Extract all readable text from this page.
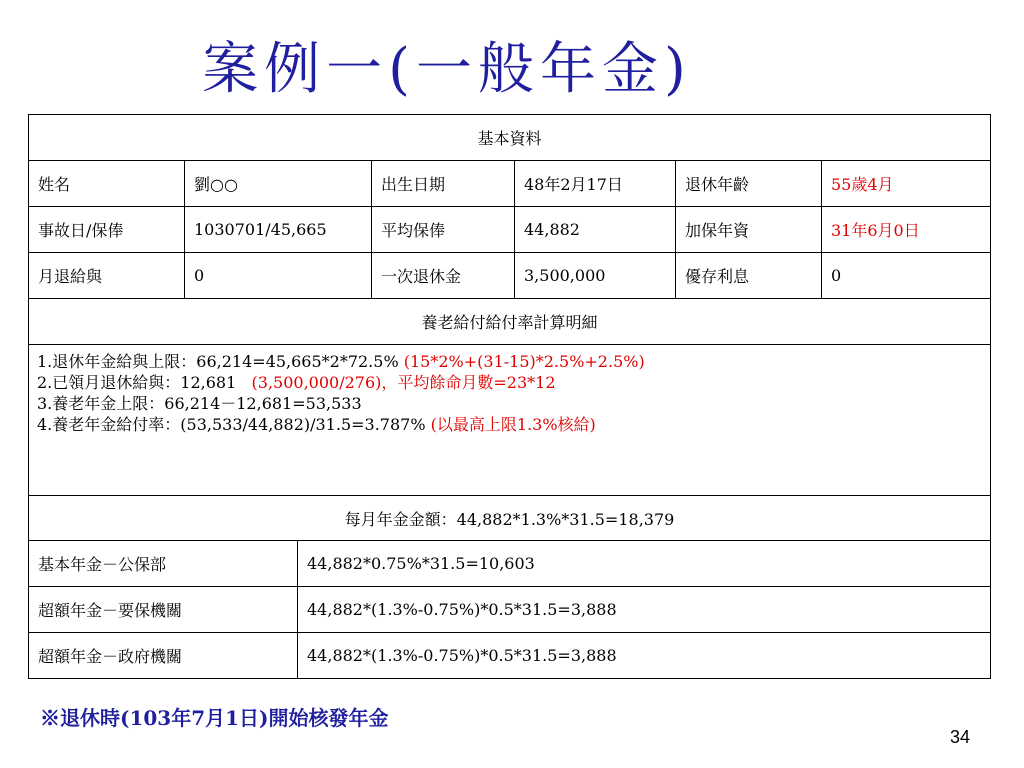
案例一(一般年金)
基本資料						
姓名	劉○○		出生日期	48年2月17日	退休年齡	55歲4月
事故日/保俸	1030701/45,665		平均保俸	44,882	加保年資	31年6月0日
月退給與	0		一次退休金	3,500,000	優存利息	0
養老給付給付率計算明細						

1.退休年金給與上限：66,214=45,665*2*72.5% (15*2%+(31-15)*2.5%+2.5%)
2.已領月退休給與：12,681 (3,500,000/276)，平均餘命月數=23*12
3.養老年金上限：66,214－12,681=53,533
4.養老年金給付率：(53,533/44,882)/31.5=3.787% (以最高上限1.3%核給)						

每月年金金額：44,882*1.3%*31.5=18,379						
基本年金－公保部		44,882*0.75%*31.5=10,603				
超額年金－要保機關		44,882*(1.3%-0.75%)*0.5*31.5=3,888				
超額年金－政府機關		44,882*(1.3%-0.75%)*0.5*31.5=3,888				
※退休時(103年7月1日)開始核發年金
34
